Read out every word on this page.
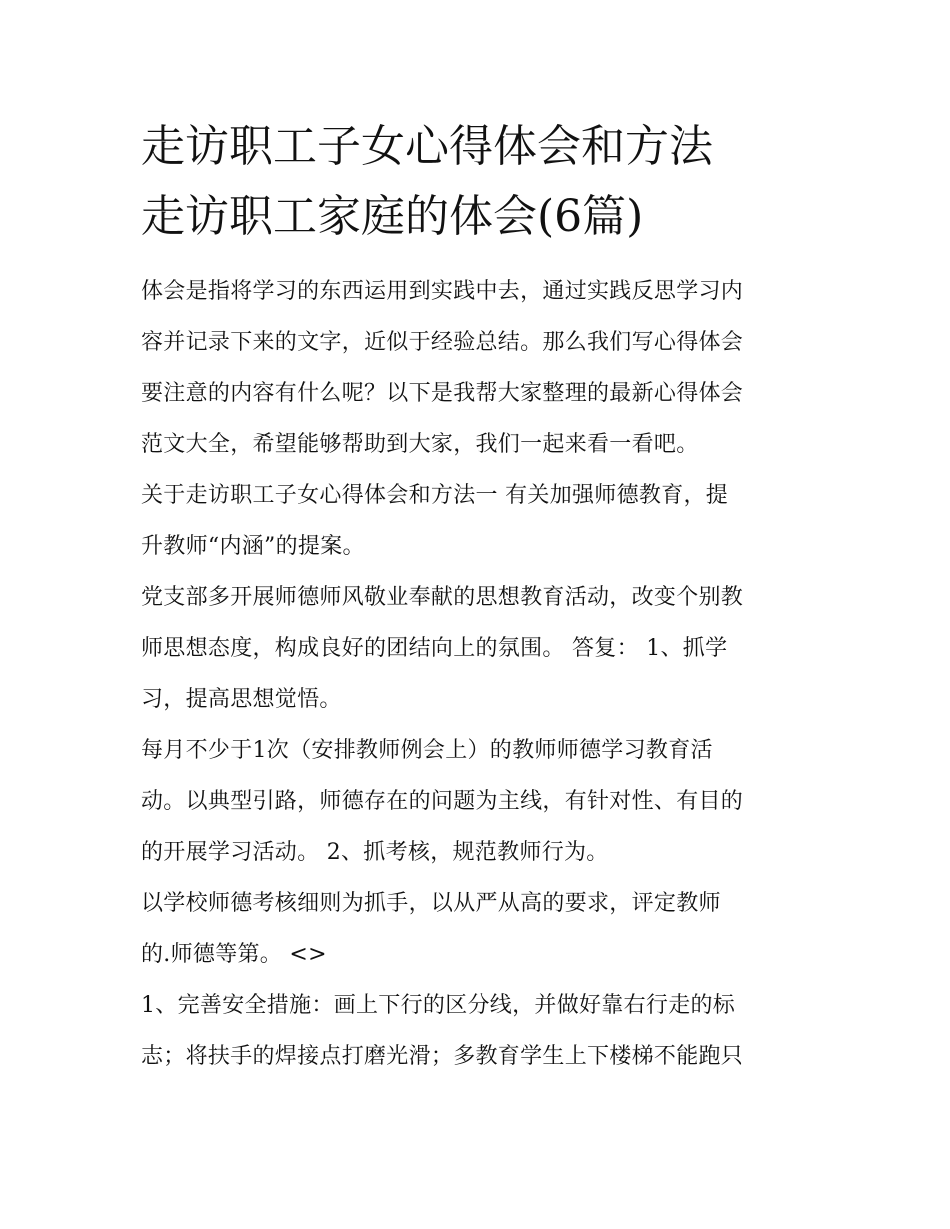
走访职工子女心得体会和方法
走访职工家庭的体会(6篇)

体会是指将学习的东西运用到实践中去，通过实践反思学习内
容并记录下来的文字，近似于经验总结。那么我们写心得体会
要注意的内容有什么呢？以下是我帮大家整理的最新心得体会
范文大全，希望能够帮助到大家，我们一起来看一看吧。

关于走访职工子女心得体会和方法一 有关加强师德教育，提
升教师“内涵”的提案。

党支部多开展师德师风敬业奉献的思想教育活动，改变个别教
师思想态度，构成良好的团结向上的氛围。 答复： 1、抓学
习，提高思想觉悟。

每月不少于1次（安排教师例会上）的教师师德学习教育活
动。以典型引路，师德存在的问题为主线，有针对性、有目的
的开展学习活动。 2、抓考核，规范教师行为。

以学校师德考核细则为抓手，以从严从高的要求，评定教师
的.师德等第。 <>

1、完善安全措施：画上下行的区分线，并做好靠右行走的标
志；将扶手的焊接点打磨光滑；多教育学生上下楼梯不能跑只
